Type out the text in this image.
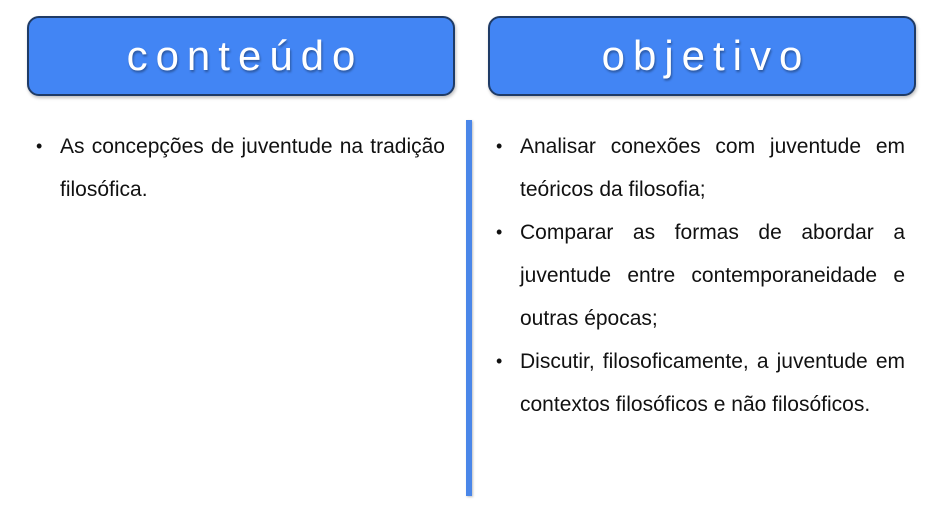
conteúdo	objetivo
• As concepções de juventude na tradição filosófica.
• Analisar conexões com juventude em teóricos da filosofia;
• Comparar as formas de abordar a juventude entre contemporaneidade e outras épocas;
• Discutir, filosoficamente, a juventude em contextos filosóficos e não filosóficos.
